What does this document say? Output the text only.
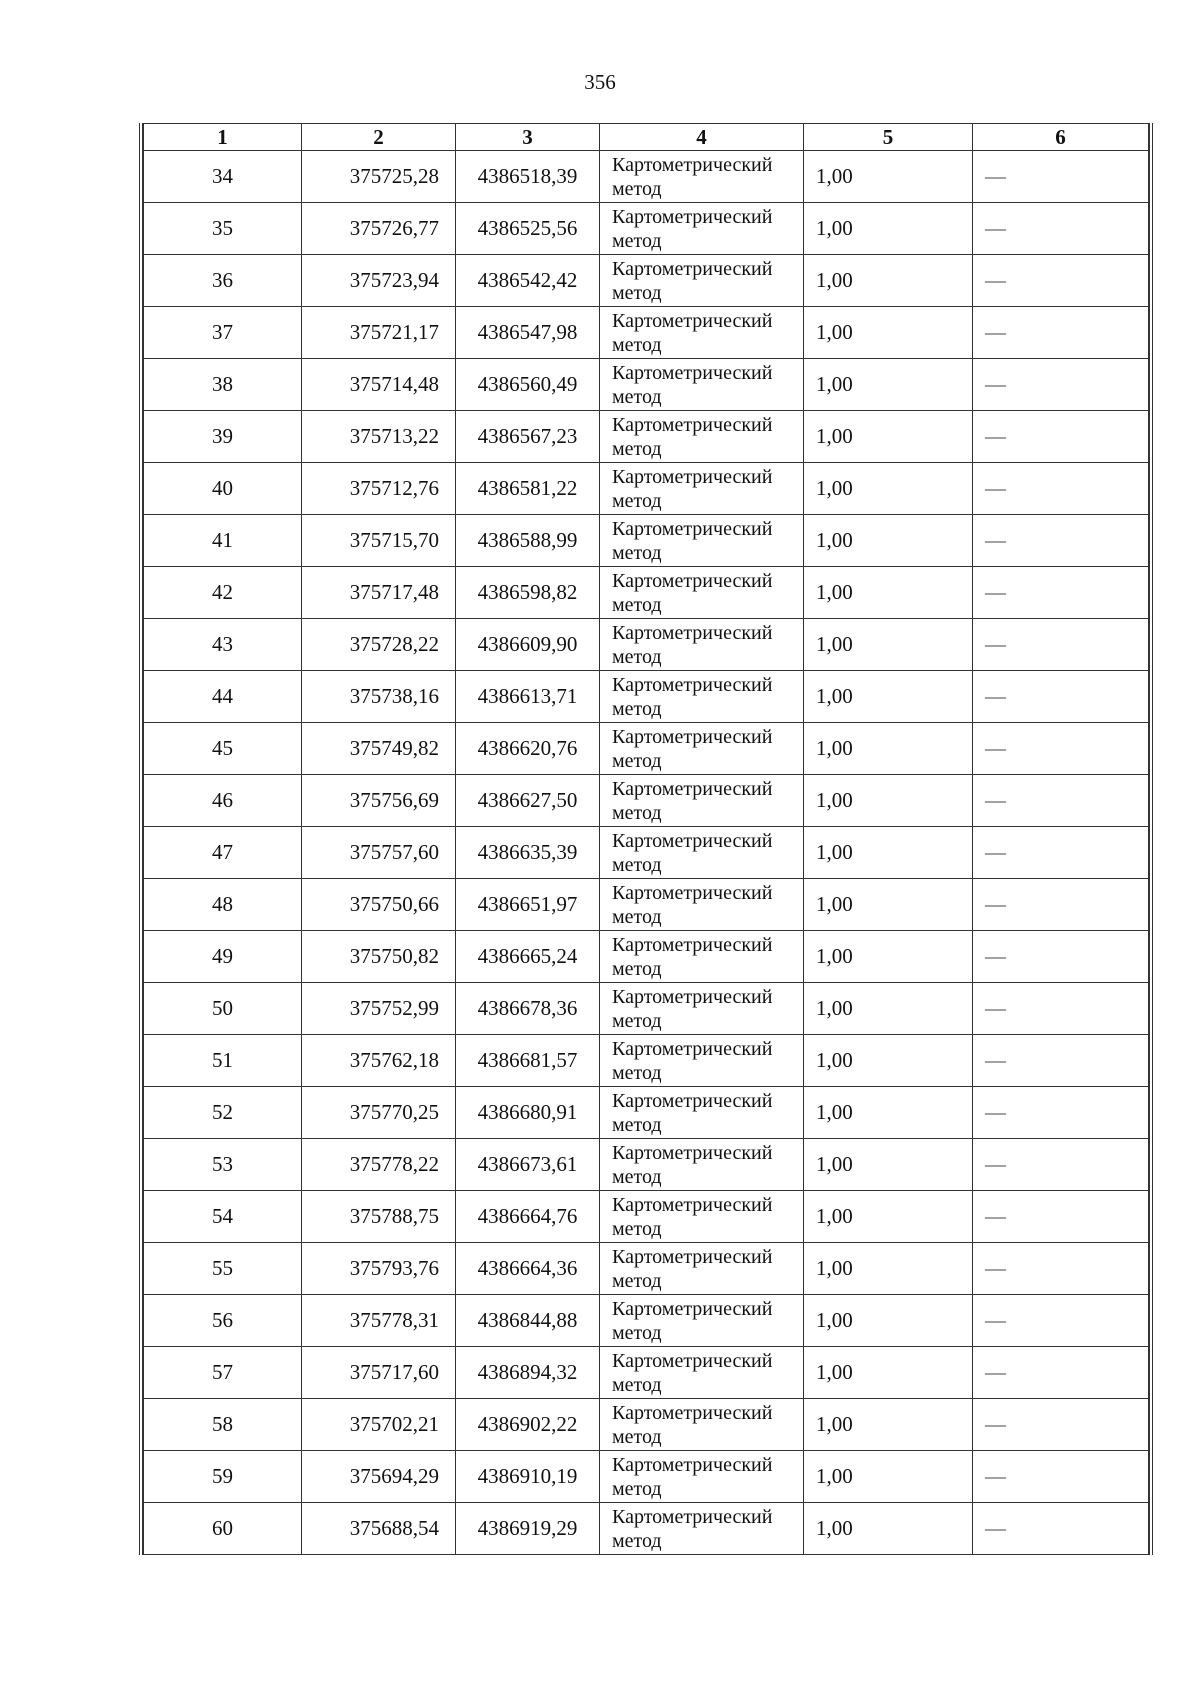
356
1	2	3	4	5	6
34	375725,28	4386518,39	Картометрический метод	1,00	—
35	375726,77	4386525,56	Картометрический метод	1,00	—
36	375723,94	4386542,42	Картометрический метод	1,00	—
37	375721,17	4386547,98	Картометрический метод	1,00	—
38	375714,48	4386560,49	Картометрический метод	1,00	—
39	375713,22	4386567,23	Картометрический метод	1,00	—
40	375712,76	4386581,22	Картометрический метод	1,00	—
41	375715,70	4386588,99	Картометрический метод	1,00	—
42	375717,48	4386598,82	Картометрический метод	1,00	—
43	375728,22	4386609,90	Картометрический метод	1,00	—
44	375738,16	4386613,71	Картометрический метод	1,00	—
45	375749,82	4386620,76	Картометрический метод	1,00	—
46	375756,69	4386627,50	Картометрический метод	1,00	—
47	375757,60	4386635,39	Картометрический метод	1,00	—
48	375750,66	4386651,97	Картометрический метод	1,00	—
49	375750,82	4386665,24	Картометрический метод	1,00	—
50	375752,99	4386678,36	Картометрический метод	1,00	—
51	375762,18	4386681,57	Картометрический метод	1,00	—
52	375770,25	4386680,91	Картометрический метод	1,00	—
53	375778,22	4386673,61	Картометрический метод	1,00	—
54	375788,75	4386664,76	Картометрический метод	1,00	—
55	375793,76	4386664,36	Картометрический метод	1,00	—
56	375778,31	4386844,88	Картометрический метод	1,00	—
57	375717,60	4386894,32	Картометрический метод	1,00	—
58	375702,21	4386902,22	Картометрический метод	1,00	—
59	375694,29	4386910,19	Картометрический метод	1,00	—
60	375688,54	4386919,29	Картометрический метод	1,00	—
